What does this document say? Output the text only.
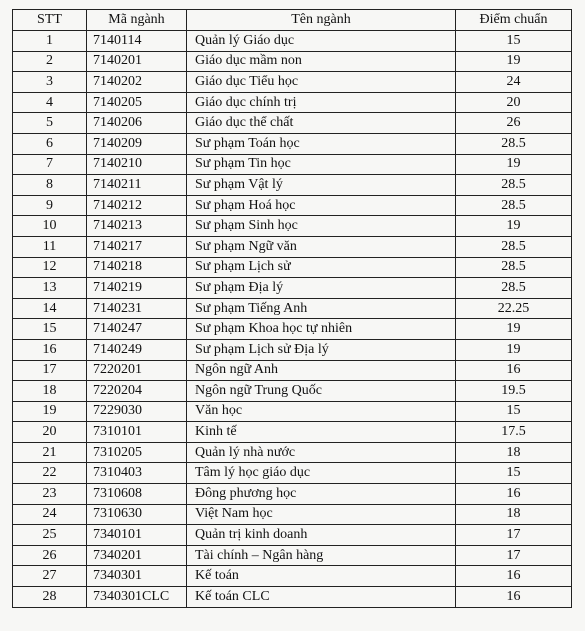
STT	Mã ngành	Tên ngành	Điểm chuẩn
1	7140114	Quản lý Giáo dục	15
2	7140201	Giáo dục mầm non	19
3	7140202	Giáo dục Tiểu học	24
4	7140205	Giáo dục chính trị	20
5	7140206	Giáo dục thể chất	26
6	7140209	Sư phạm Toán học	28.5
7	7140210	Sư phạm Tin học	19
8	7140211	Sư phạm Vật lý	28.5
9	7140212	Sư phạm Hoá học	28.5
10	7140213	Sư phạm Sinh học	19
11	7140217	Sư phạm Ngữ văn	28.5
12	7140218	Sư phạm Lịch sử	28.5
13	7140219	Sư phạm Địa lý	28.5
14	7140231	Sư phạm Tiếng Anh	22.25
15	7140247	Sư phạm Khoa học tự nhiên	19
16	7140249	Sư phạm Lịch sử Địa lý	19
17	7220201	Ngôn ngữ Anh	16
18	7220204	Ngôn ngữ Trung Quốc	19.5
19	7229030	Văn học	15
20	7310101	Kinh tế	17.5
21	7310205	Quản lý nhà nước	18
22	7310403	Tâm lý học giáo dục	15
23	7310608	Đông phương học	16
24	7310630	Việt Nam học	18
25	7340101	Quản trị kinh doanh	17
26	7340201	Tài chính – Ngân hàng	17
27	7340301	Kế toán	16
28	7340301CLC	Kế toán CLC	16
